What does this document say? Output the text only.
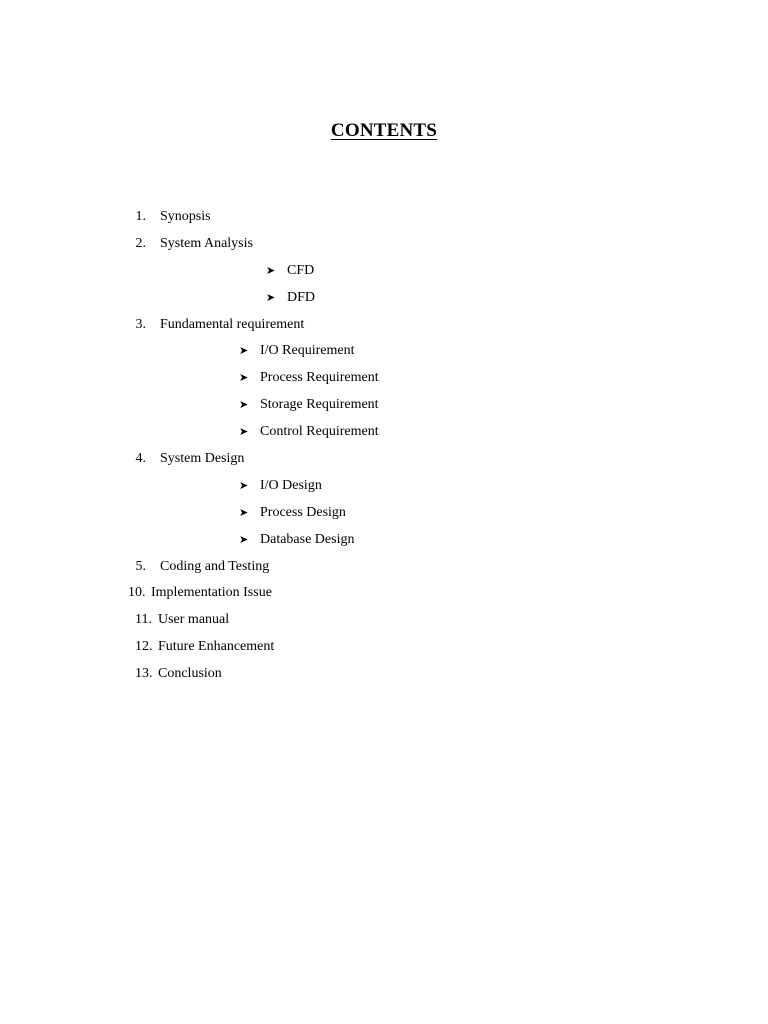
CONTENTS
1. Synopsis
2. System Analysis
➤ CFD
➤ DFD
3. Fundamental requirement
➤ I/O Requirement
➤ Process Requirement
➤ Storage Requirement
➤ Control Requirement
4. System Design
➤ I/O Design
➤ Process Design
➤ Database Design
5. Coding and Testing
10. Implementation Issue
11. User manual
12. Future Enhancement
13. Conclusion
